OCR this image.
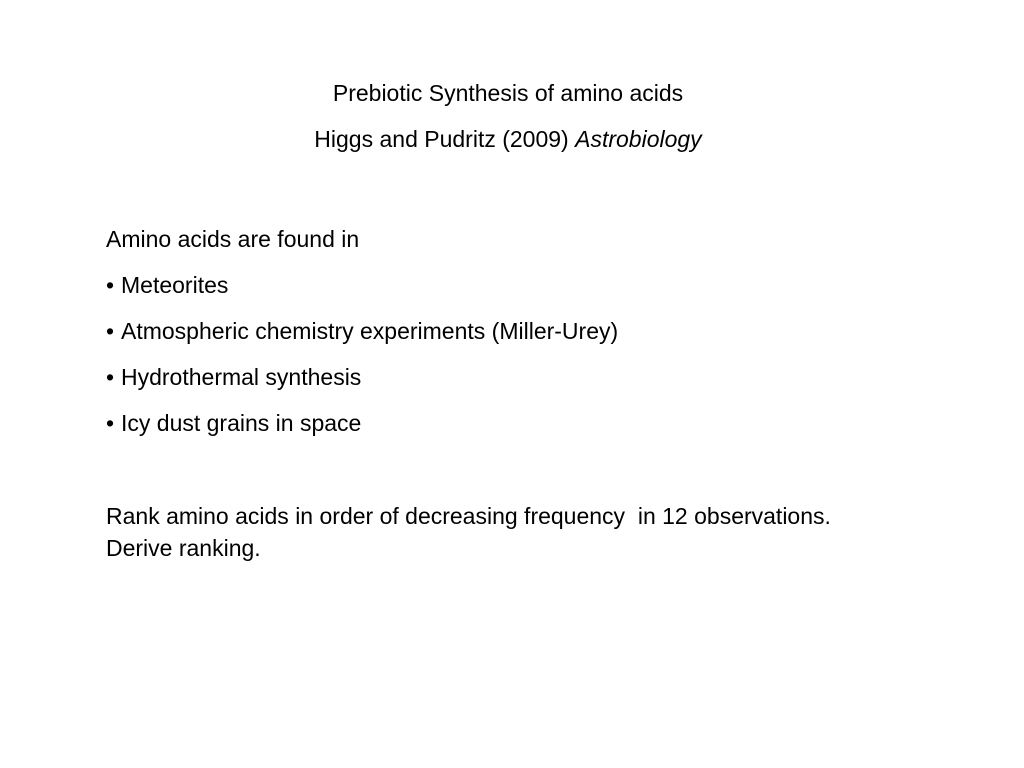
Prebiotic Synthesis of amino acids
Higgs and Pudritz (2009) Astrobiology
Amino acids are found in
• Meteorites
• Atmospheric chemistry experiments (Miller-Urey)
• Hydrothermal synthesis
• Icy dust grains in space
Rank amino acids in order of decreasing frequency  in 12 observations.
Derive ranking.
